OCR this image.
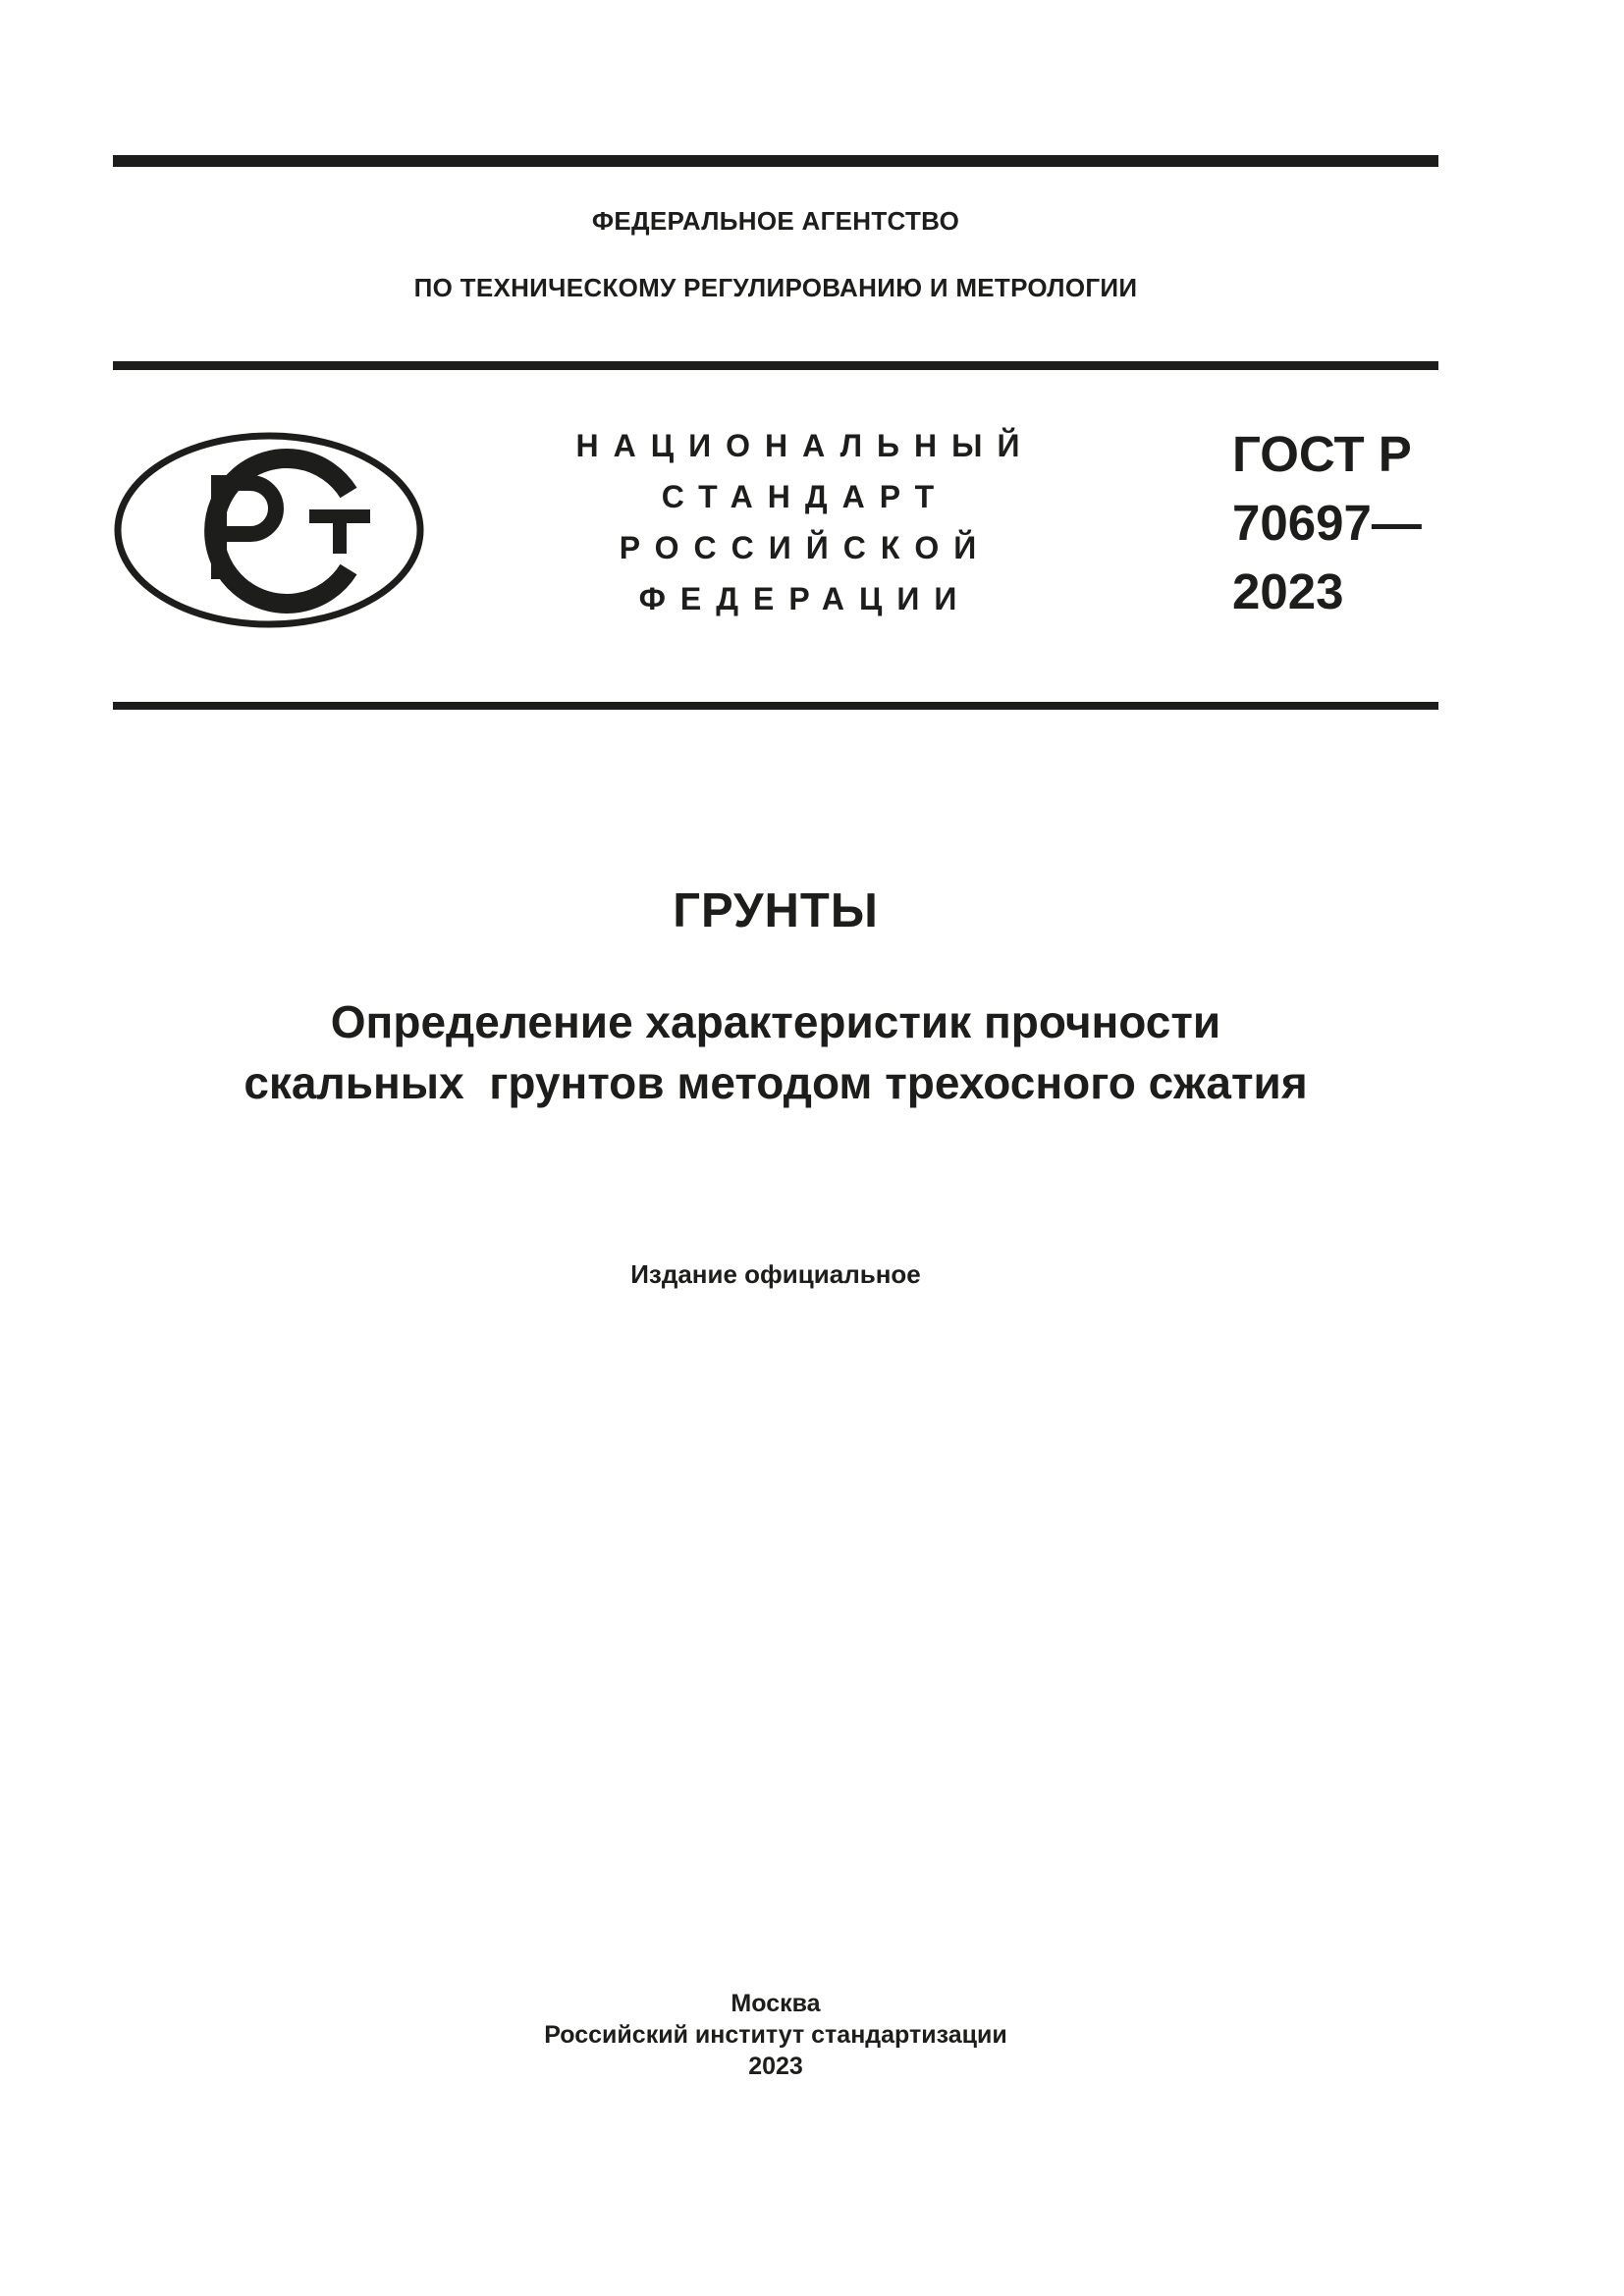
ФЕДЕРАЛЬНОЕ АГЕНТСТВО
ПО ТЕХНИЧЕСКОМУ РЕГУЛИРОВАНИЮ И МЕТРОЛОГИИ
НАЦИОНАЛЬНЫЙ
СТАНДАРТ
РОССИЙСКОЙ
ФЕДЕРАЦИИ
ГОСТ Р
70697—
2023
ГРУНТЫ
Определение характеристик прочности
скальных  грунтов методом трехосного сжатия
Издание официальное
Москва
Российский институт стандартизации
2023
